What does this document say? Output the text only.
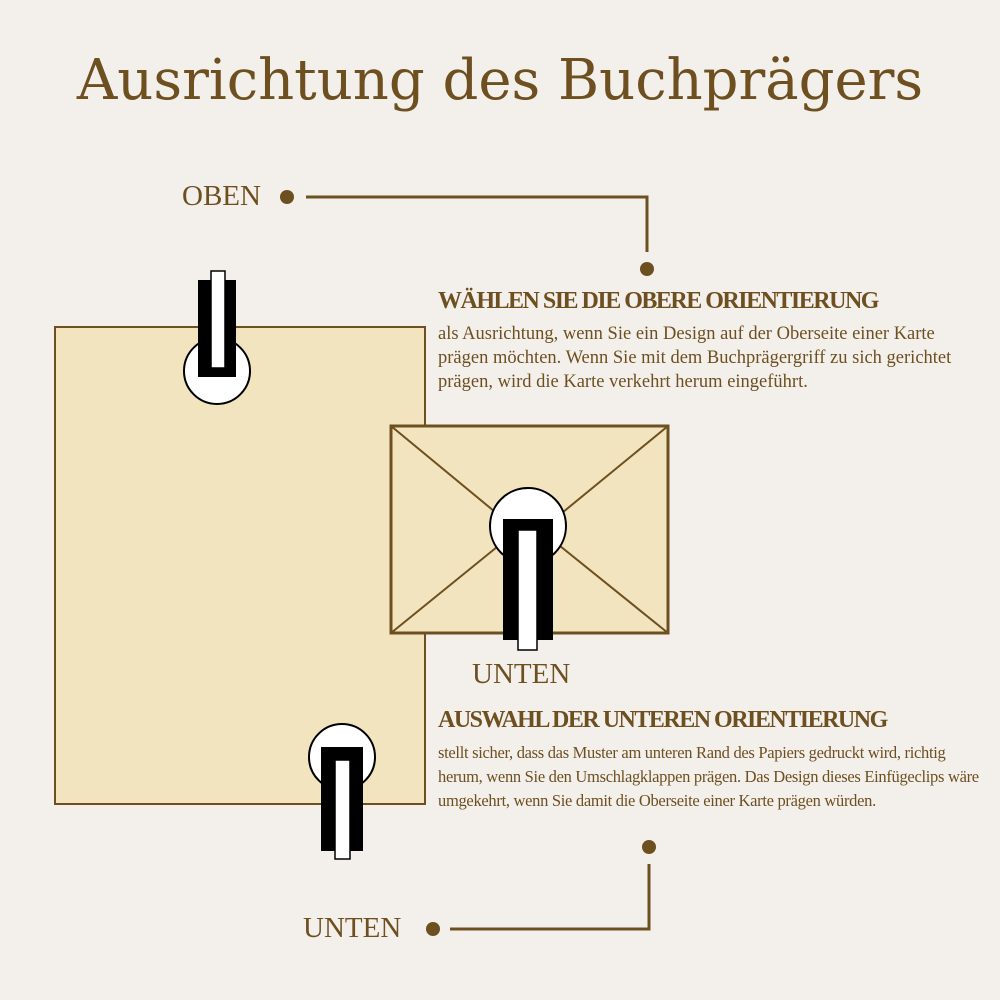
Ausrichtung des Buchprägers

OBEN

UNTEN

UNTEN

WÄHLEN SIE DIE OBERE ORIENTIERUNG

als Ausrichtung, wenn Sie ein Design auf der Oberseite einer Karte prägen möchten. Wenn Sie mit dem Buchprägergriff zu sich gerichtet prägen, wird die Karte verkehrt herum eingeführt.

AUSWAHL DER UNTEREN ORIENTIERUNG

stellt sicher, dass das Muster am unteren Rand des Papiers gedruckt wird, richtig herum, wenn Sie den Umschlagklappen prägen. Das Design dieses Einfügeclips wäre umgekehrt, wenn Sie damit die Oberseite einer Karte prägen würden.
